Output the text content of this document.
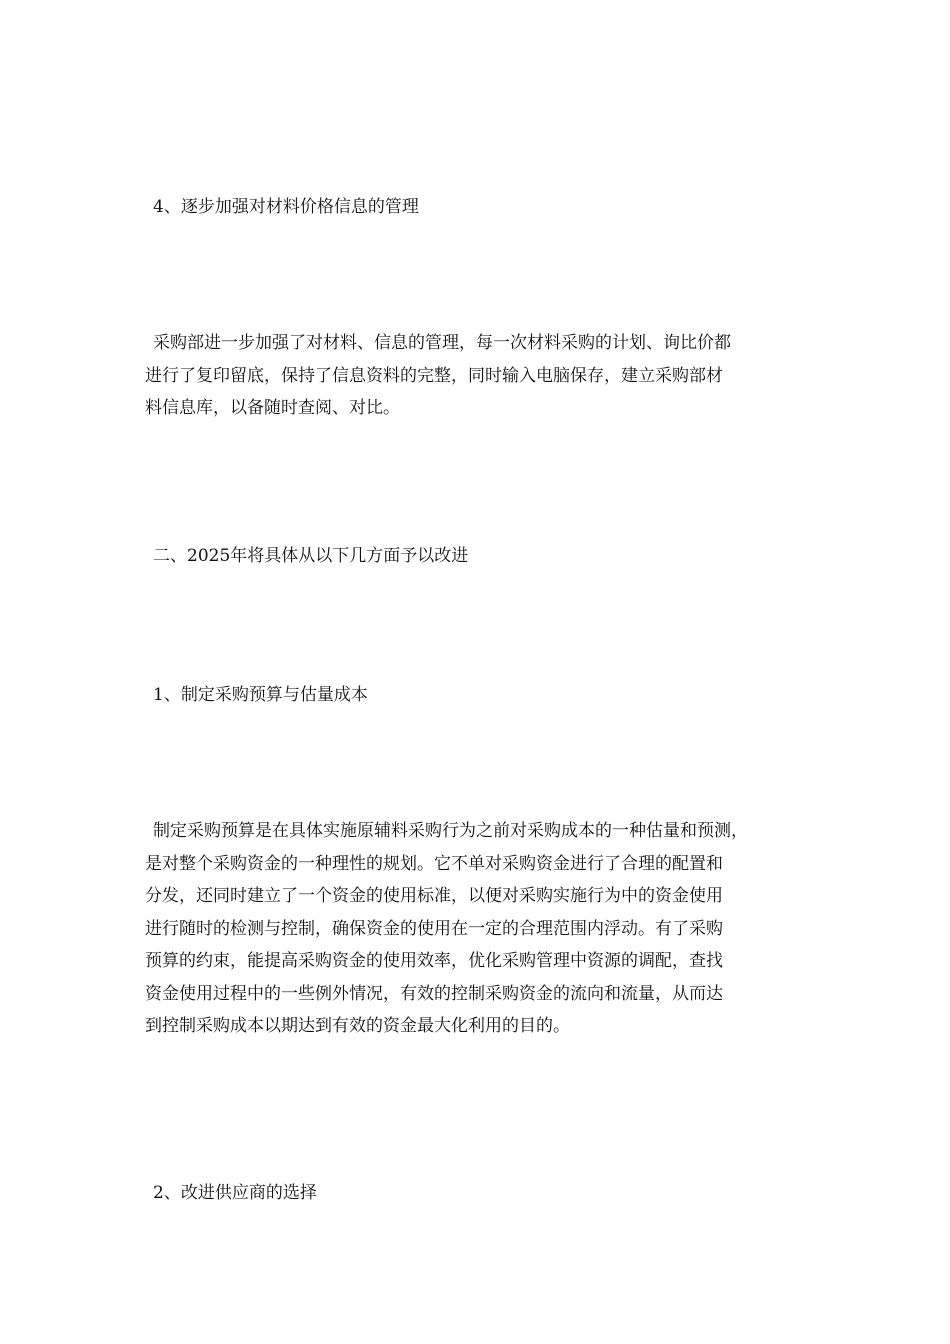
4、逐步加强对材料价格信息的管理
采购部进一步加强了对材料、信息的管理，每一次材料采购的计划、询比价都
进行了复印留底，保持了信息资料的完整，同时输入电脑保存，建立采购部材
料信息库，以备随时查阅、对比。
二、2025年将具体从以下几方面予以改进
1、制定采购预算与估量成本
制定采购预算是在具体实施原辅料采购行为之前对采购成本的一种估量和预测，
是对整个采购资金的一种理性的规划。它不单对采购资金进行了合理的配置和
分发，还同时建立了一个资金的使用标准，以便对采购实施行为中的资金使用
进行随时的检测与控制，确保资金的使用在一定的合理范围内浮动。有了采购
预算的约束，能提高采购资金的使用效率，优化采购管理中资源的调配，查找
资金使用过程中的一些例外情况，有效的控制采购资金的流向和流量，从而达
到控制采购成本以期达到有效的资金最大化利用的目的。
2、改进供应商的选择
